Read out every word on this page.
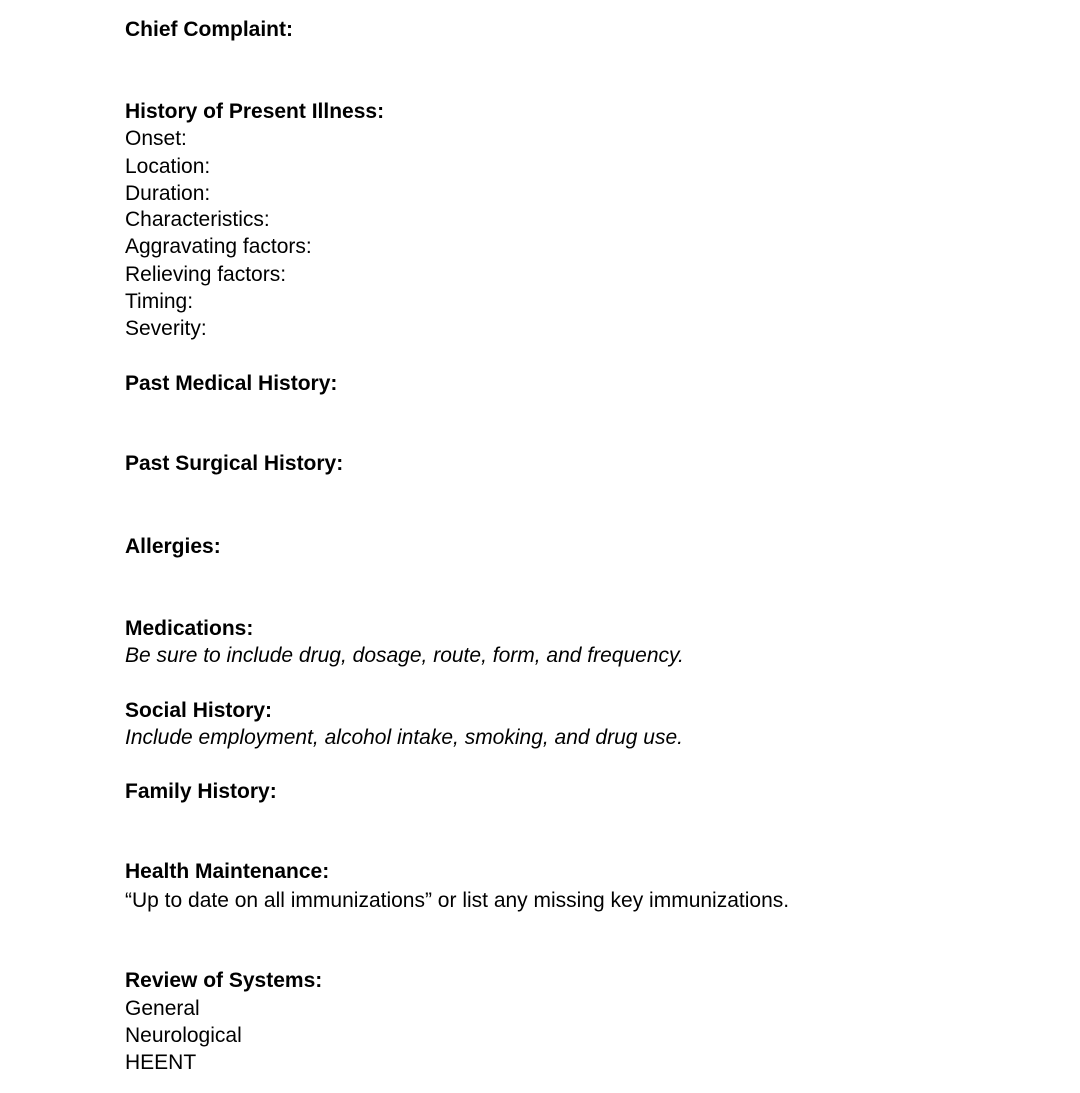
Chief Complaint:
History of Present Illness:
Onset:
Location:
Duration:
Characteristics:
Aggravating factors:
Relieving factors:
Timing:
Severity:
Past Medical History:
Past Surgical History:
Allergies:
Medications:
Be sure to include drug, dosage, route, form, and frequency.
Social History:
Include employment, alcohol intake, smoking, and drug use.
Family History:
Health Maintenance:
“Up to date on all immunizations” or list any missing key immunizations.
Review of Systems:
General
Neurological
HEENT
